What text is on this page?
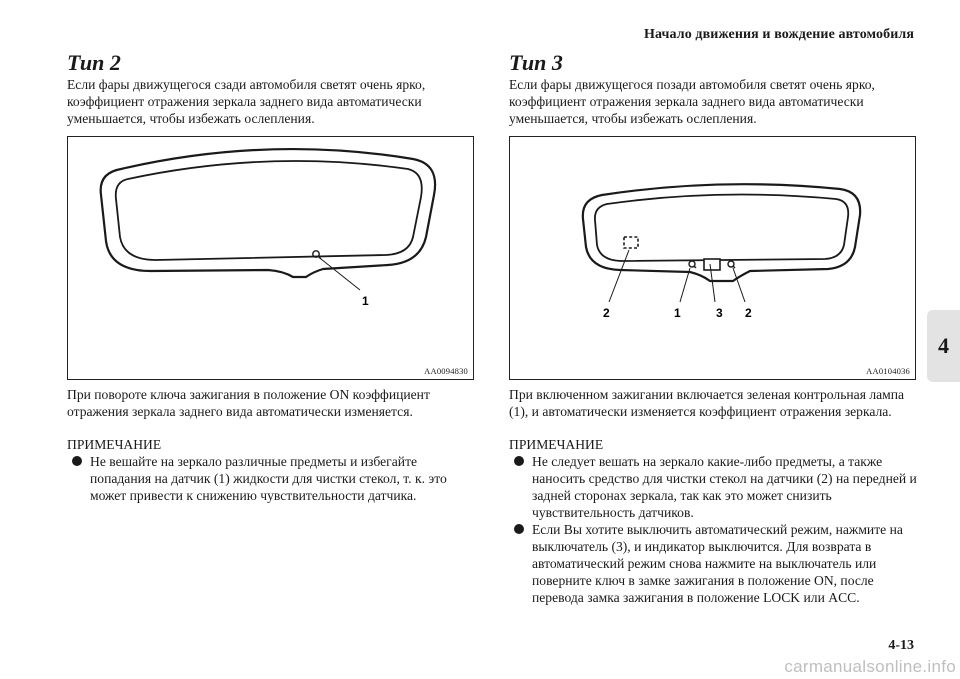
Начало движения и вождение автомобиля
4
Тип 2

Если фары движущегося сзади автомобиля светят очень ярко, коэффициент отражения зеркала заднего вида автоматически уменьшается, чтобы избежать ослепления.

1
AA0094830

При повороте ключа зажигания в положение ON коэффициент отражения зеркала заднего вида автоматически изменяется.

ПРИМЕЧАНИЕ
Не вешайте на зеркало различные предметы и избегайте попадания на датчик (1) жидкости для чистки стекол, т. к. это может привести к снижению чувствительности датчика.
Тип 3

Если фары движущегося позади автомобиля светят очень ярко, коэффициент отражения зеркала заднего вида автоматически уменьшается, чтобы избежать ослепления.

2	1	3 2
AA0104036

При включенном зажигании включается зеленая контрольная лампа (1), и автоматически изменяется коэффициент отражения зеркала.

ПРИМЕЧАНИЕ
Не следует вешать на зеркало какие-либо предметы, а также наносить средство для чистки стекол на датчики (2) на передней и задней сторонах зеркала, так как это может снизить чувствительность датчиков.
Если Вы хотите выключить автоматический режим, нажмите на выключатель (3), и индикатор выключится. Для возврата в автоматический режим снова нажмите на выключатель или поверните ключ в замке зажигания в положение ON, после перевода замка зажигания в положение LOCK или ACC.
4-13
carmanualsonline.info
